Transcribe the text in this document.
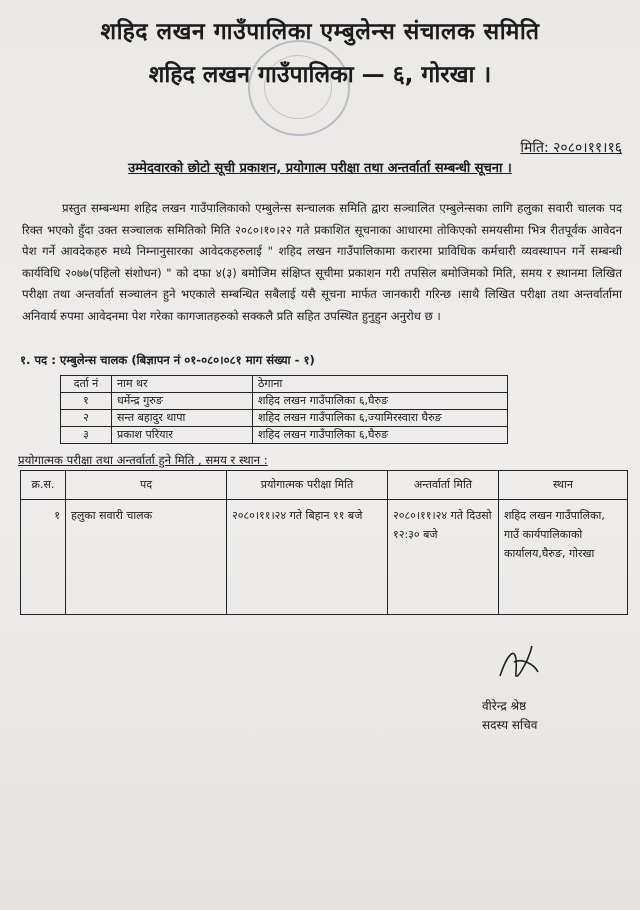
शहिद लखन गाउँपालिका एम्बुलेन्स संचालक समिति
शहिद लखन गाउँपालिका — ६, गोरखा ।
मिति: २०८०।११।१६
उम्मेदवारको छोटो सूची प्रकाशन, प्रयोगात्म परीक्षा तथा अन्तर्वार्ता सम्बन्धी सूचना ।
प्रस्तुत सम्बन्धमा शहिद लखन गाउँपालिकाको एम्बुलेन्स सन्चालक समिति द्वारा सञ्चालित एम्बुलेन्सका लागि हलुका सवारी चालक पद रिक्त भएको हुँदा उक्त सञ्चालक समितिको मिति २०८०।१०।२२ गते प्रकाशित सूचनाका आधारमा तोकिएको समयसीमा भित्र रीतपूर्वक आवेदन पेश गर्ने आवदेकहरु मध्ये निम्नानुसारका आवेदकहरुलाई " शहिद लखन गाउँपालिकामा करारमा प्राविधिक कर्मचारी व्यवस्थापन गर्ने सम्बन्धी कार्यविधि २०७७(पहिलो संशोधन) " को दफा ४(३) बमोजिम संक्षिप्त सूचीमा प्रकाशन गरी तपसिल बमोजिमको मिति, समय र स्थानमा लिखित परीक्षा तथा अन्तर्वार्ता सञ्चालन हुने भएकाले सम्बन्धित सबैलाई यसै सूचना मार्फत जानकारी गरिन्छ ।साथै लिखित परीक्षा तथा अन्तर्वार्तामा अनिवार्य रुपमा आवेदनमा पेश गरेका कागजातहरुको सक्कलै प्रति सहित उपस्थित हुनुहुन अनुरोध छ ।
१. पद : एम्बुलेन्स चालक (बिज्ञापन नं ०१-०८०।०८१ माग संख्या - १)
दर्ता नं	नाम थर	ठेगाना
१	धर्मेन्द्र गुरुङ	शहिद लखन गाउँपालिका ६,घैरुङ
२	सन्त बहादुर थापा	शहिद लखन गाउँपालिका ६,ज्यामिरस्वारा घैरुङ
३	प्रकाश परियार	शहिद लखन गाउँपालिका ६,घैरुङ
प्रयोगात्मक परीक्षा तथा अन्तर्वार्ता हुने मिति , समय र स्थान :
क्र.स.	पद	प्रयोगात्मक परीक्षा मिति	अन्तर्वार्ता मिति	स्थान
१	हलुका सवारी चालक	२०८०।११।२४ गते बिहान ११ बजे	२०८०।११।२४ गते दिउसो १२:३० बजे	शहिद लखन गाउँपालिका, गाउँ कार्यपालिकाको कार्यालय,घैरुङ, गोरखा
वीरेन्द्र श्रेष्ठ
सदस्य सचिव
